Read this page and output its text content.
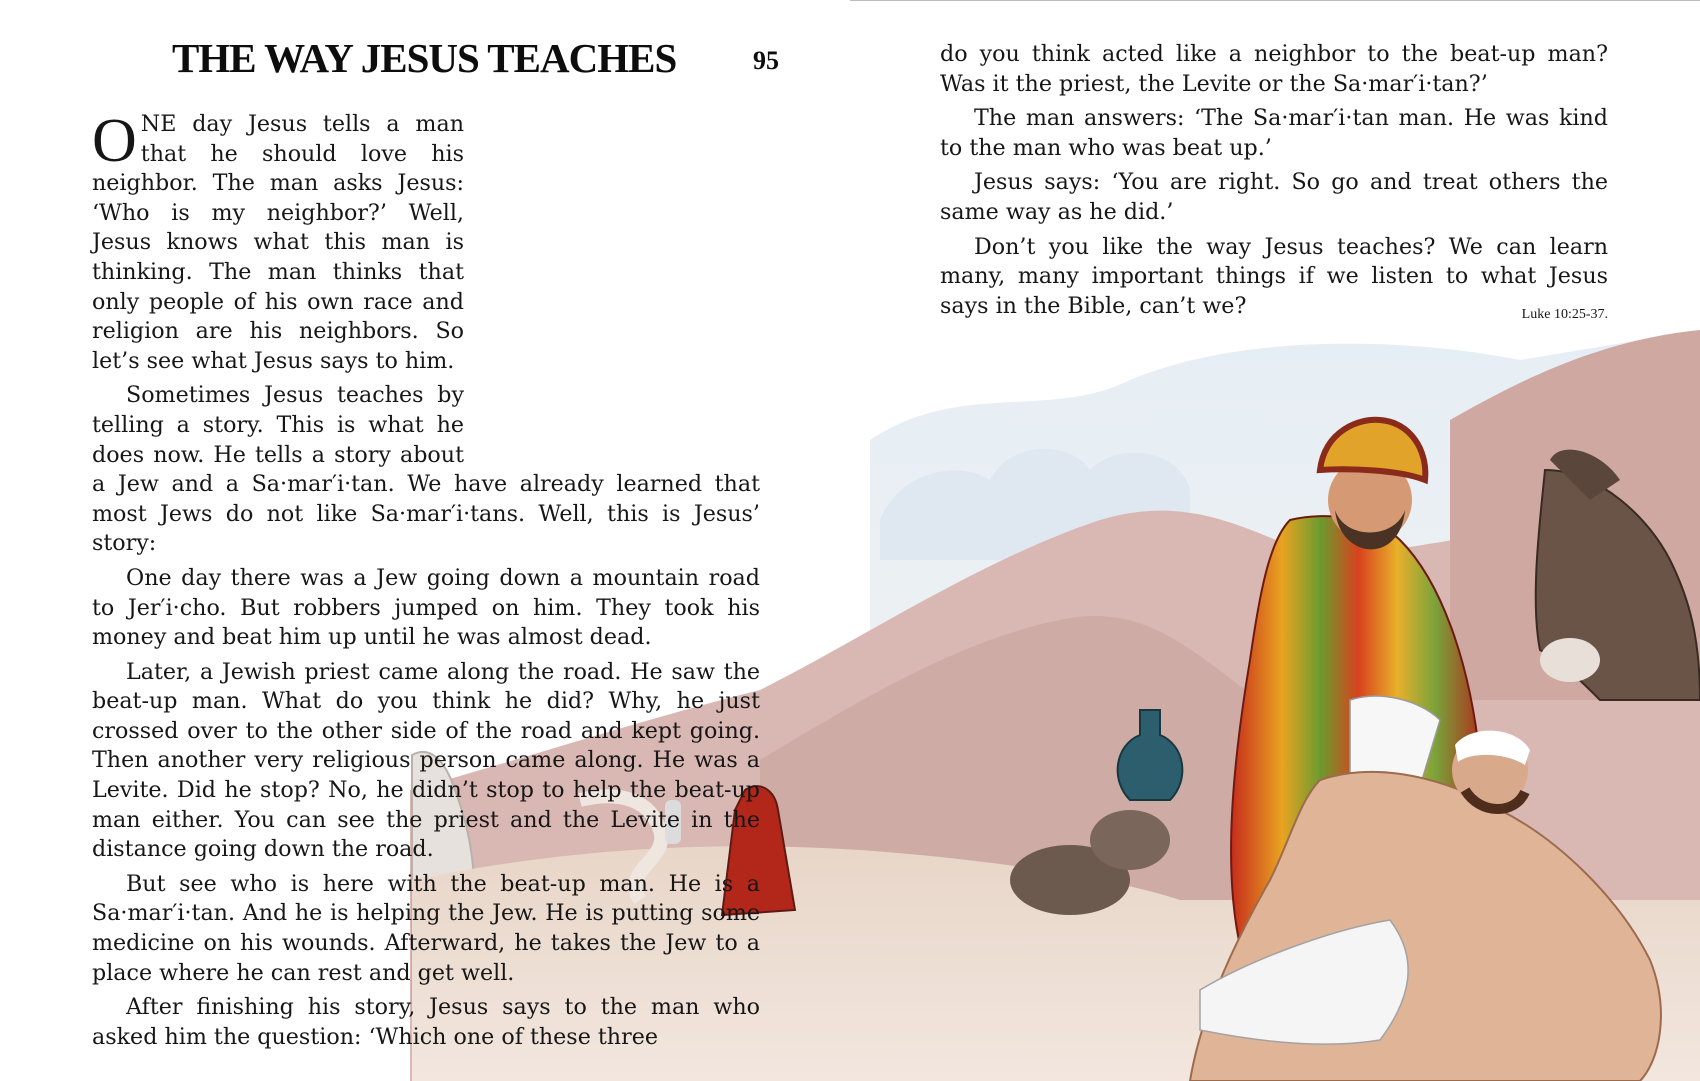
THE WAY JESUS TEACHES	95

ONE day Jesus tells a man that he should love his neighbor. The man asks Jesus: ‘Who is my neighbor?’ Well, Jesus knows what this man is thinking. The man thinks that only people of his own race and religion are his neighbors. So let’s see what Jesus says to him.

Sometimes Jesus teaches by telling a story. This is what he does now. He tells a story about a Jew and a Sa·mar′i·tan. We have already learned that most Jews do not like Sa·mar′i·tans. Well, this is Jesus’ story:

One day there was a Jew going down a mountain road to Jer′i·cho. But robbers jumped on him. They took his money and beat him up until he was almost dead.

Later, a Jewish priest came along the road. He saw the beat-up man. What do you think he did? Why, he just crossed over to the other side of the road and kept going. Then another very religious person came along. He was a Levite. Did he stop? No, he didn’t stop to help the beat-up man either. You can see the priest and the Levite in the distance going down the road.

But see who is here with the beat-up man. He is a Sa·mar′i·tan. And he is helping the Jew. He is putting some medicine on his wounds. Afterward, he takes the Jew to a place where he can rest and get well.

After finishing his story, Jesus says to the man who asked him the question: ‘Which one of these three

do you think acted like a neighbor to the beat-up man? Was it the priest, the Levite or the Sa·mar′i·tan?’

The man answers: ‘The Sa·mar′i·tan man. He was kind to the man who was beat up.’

Jesus says: ‘You are right. So go and treat others the same way as he did.’

Don’t you like the way Jesus teaches? We can learn many, many important things if we listen to what Jesus says in the Bible, can’t we?	Luke 10:25-37.
